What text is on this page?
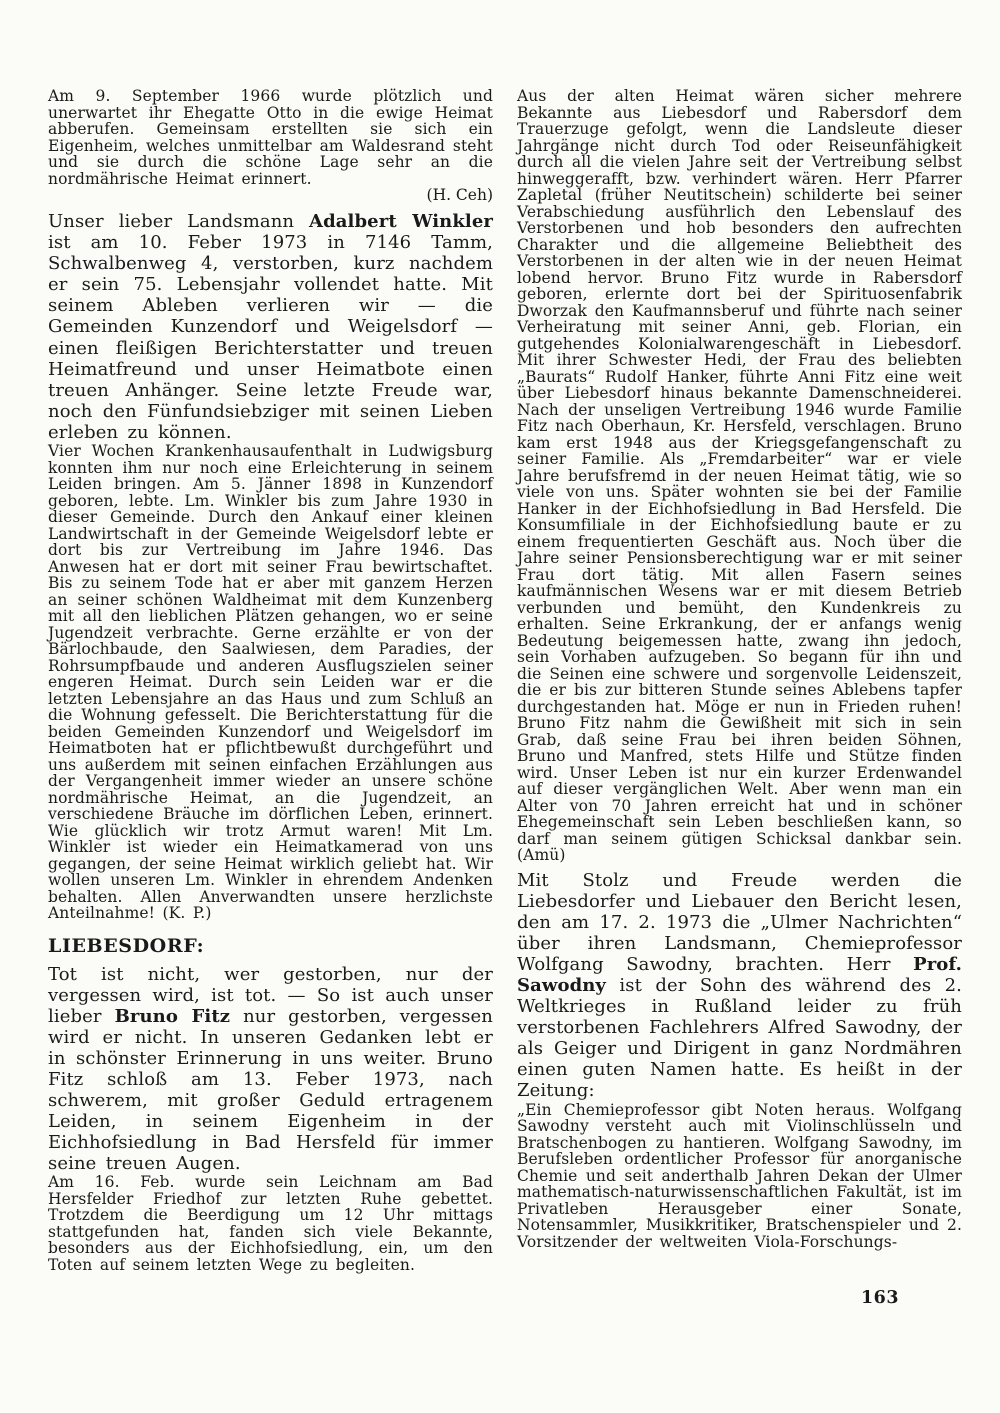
Am 9. September 1966 wurde plötzlich und unerwartet ihr Ehegatte Otto in die ewige Heimat abberufen. Gemeinsam erstellten sie sich ein Eigenheim, welches unmittelbar am Waldesrand steht und sie durch die schöne Lage sehr an die nordmährische Heimat erinnert.

(H. Ceh)

Unser lieber Landsmann Adalbert Winkler ist am 10. Feber 1973 in 7146 Tamm, Schwalbenweg 4, verstorben, kurz nachdem er sein 75. Lebensjahr vollendet hatte. Mit seinem Ableben verlieren wir — die Gemeinden Kunzendorf und Weigelsdorf — einen fleißigen Berichterstatter und treuen Heimatfreund und unser Heimatbote einen treuen Anhänger. Seine letzte Freude war, noch den Fünfundsiebziger mit seinen Lieben erleben zu können.

Vier Wochen Krankenhausaufenthalt in Ludwigsburg konnten ihm nur noch eine Erleichterung in seinem Leiden bringen. Am 5. Jänner 1898 in Kunzendorf geboren, lebte. Lm. Winkler bis zum Jahre 1930 in dieser Gemeinde. Durch den Ankauf einer kleinen Landwirtschaft in der Gemeinde Weigelsdorf lebte er dort bis zur Vertreibung im Jahre 1946. Das Anwesen hat er dort mit seiner Frau bewirtschaftet. Bis zu seinem Tode hat er aber mit ganzem Herzen an seiner schönen Waldheimat mit dem Kunzenberg mit all den lieblichen Plätzen gehangen, wo er seine Jugendzeit verbrachte. Gerne erzählte er von der Bärlochbaude, den Saalwiesen, dem Paradies, der Rohrsumpfbaude und anderen Ausflugszielen seiner engeren Heimat. Durch sein Leiden war er die letzten Lebensjahre an das Haus und zum Schluß an die Wohnung gefesselt. Die Berichterstattung für die beiden Gemeinden Kunzendorf und Weigelsdorf im Heimatboten hat er pflichtbewußt durchgeführt und uns außerdem mit seinen einfachen Erzählungen aus der Vergangenheit immer wieder an unsere schöne nordmährische Heimat, an die Jugendzeit, an verschiedene Bräuche im dörflichen Leben, erinnert. Wie glücklich wir trotz Armut waren! Mit Lm. Winkler ist wieder ein Heimatkamerad von uns gegangen, der seine Heimat wirklich geliebt hat. Wir wollen unseren Lm. Winkler in ehrendem Andenken behalten. Allen Anverwandten unsere herzlichste Anteilnahme! (K. P.)

LIEBESDORF:

Tot ist nicht, wer gestorben, nur der vergessen wird, ist tot. — So ist auch unser lieber Bruno Fitz nur gestorben, vergessen wird er nicht. In unseren Gedanken lebt er in schönster Erinnerung in uns weiter. Bruno Fitz schloß am 13. Feber 1973, nach schwerem, mit großer Geduld ertragenem Leiden, in seinem Eigenheim in der Eichhofsiedlung in Bad Hersfeld für immer seine treuen Augen.

Am 16. Feb. wurde sein Leichnam am Bad Hersfelder Friedhof zur letzten Ruhe gebettet. Trotzdem die Beerdigung um 12 Uhr mittags stattgefunden hat, fanden sich viele Bekannte, besonders aus der Eichhofsiedlung, ein, um den Toten auf seinem letzten Wege zu begleiten.

Aus der alten Heimat wären sicher mehrere Bekannte aus Liebesdorf und Rabersdorf dem Trauerzuge gefolgt, wenn die Landsleute dieser Jahrgänge nicht durch Tod oder Reiseunfähigkeit durch all die vielen Jahre seit der Vertreibung selbst hinweggerafft, bzw. verhindert wären. Herr Pfarrer Zapletal (früher Neutitschein) schilderte bei seiner Verabschiedung ausführlich den Lebenslauf des Verstorbenen und hob besonders den aufrechten Charakter und die allgemeine Beliebtheit des Verstorbenen in der alten wie in der neuen Heimat lobend hervor. Bruno Fitz wurde in Rabersdorf geboren, erlernte dort bei der Spirituosenfabrik Dworzak den Kaufmannsberuf und führte nach seiner Verheiratung mit seiner Anni, geb. Florian, ein gutgehendes Kolonialwarengeschäft in Liebesdorf. Mit ihrer Schwester Hedi, der Frau des beliebten „Baurats“ Rudolf Hanker, führte Anni Fitz eine weit über Liebesdorf hinaus bekannte Damenschneiderei. Nach der unseligen Vertreibung 1946 wurde Familie Fitz nach Oberhaun, Kr. Hersfeld, verschlagen. Bruno kam erst 1948 aus der Kriegsgefangenschaft zu seiner Familie. Als „Fremdarbeiter“ war er viele Jahre berufsfremd in der neuen Heimat tätig, wie so viele von uns. Später wohnten sie bei der Familie Hanker in der Eichhofsiedlung in Bad Hersfeld. Die Konsumfiliale in der Eichhofsiedlung baute er zu einem frequentierten Geschäft aus. Noch über die Jahre seiner Pensionsberechtigung war er mit seiner Frau dort tätig. Mit allen Fasern seines kaufmännischen Wesens war er mit diesem Betrieb verbunden und bemüht, den Kundenkreis zu erhalten. Seine Erkrankung, der er anfangs wenig Bedeutung beigemessen hatte, zwang ihn jedoch, sein Vorhaben aufzugeben. So begann für ihn und die Seinen eine schwere und sorgenvolle Leidenszeit, die er bis zur bitteren Stunde seines Ablebens tapfer durchgestanden hat. Möge er nun in Frieden ruhen! Bruno Fitz nahm die Gewißheit mit sich in sein Grab, daß seine Frau bei ihren beiden Söhnen, Bruno und Manfred, stets Hilfe und Stütze finden wird. Unser Leben ist nur ein kurzer Erdenwandel auf dieser vergänglichen Welt. Aber wenn man ein Alter von 70 Jahren erreicht hat und in schöner Ehegemeinschaft sein Leben beschließen kann, so darf man seinem gütigen Schicksal dankbar sein. (Amü)

Mit Stolz und Freude werden die Liebesdorfer und Liebauer den Bericht lesen, den am 17. 2. 1973 die „Ulmer Nachrichten“ über ihren Landsmann, Chemieprofessor Wolfgang Sawodny, brachten. Herr Prof. Sawodny ist der Sohn des während des 2. Weltkrieges in Rußland leider zu früh verstorbenen Fachlehrers Alfred Sawodny, der als Geiger und Dirigent in ganz Nordmähren einen guten Namen hatte. Es heißt in der Zeitung:

„Ein Chemieprofessor gibt Noten heraus. Wolfgang Sawodny versteht auch mit Violinschlüsseln und Bratschenbogen zu hantieren. Wolfgang Sawodny, im Berufsleben ordentlicher Professor für anorganische Chemie und seit anderthalb Jahren Dekan der Ulmer mathematisch-naturwissenschaftlichen Fakultät, ist im Privatleben Herausgeber einer Sonate, Notensammler, Musikkritiker, Bratschenspieler und 2. Vorsitzender der weltweiten Viola-Forschungs-

163
